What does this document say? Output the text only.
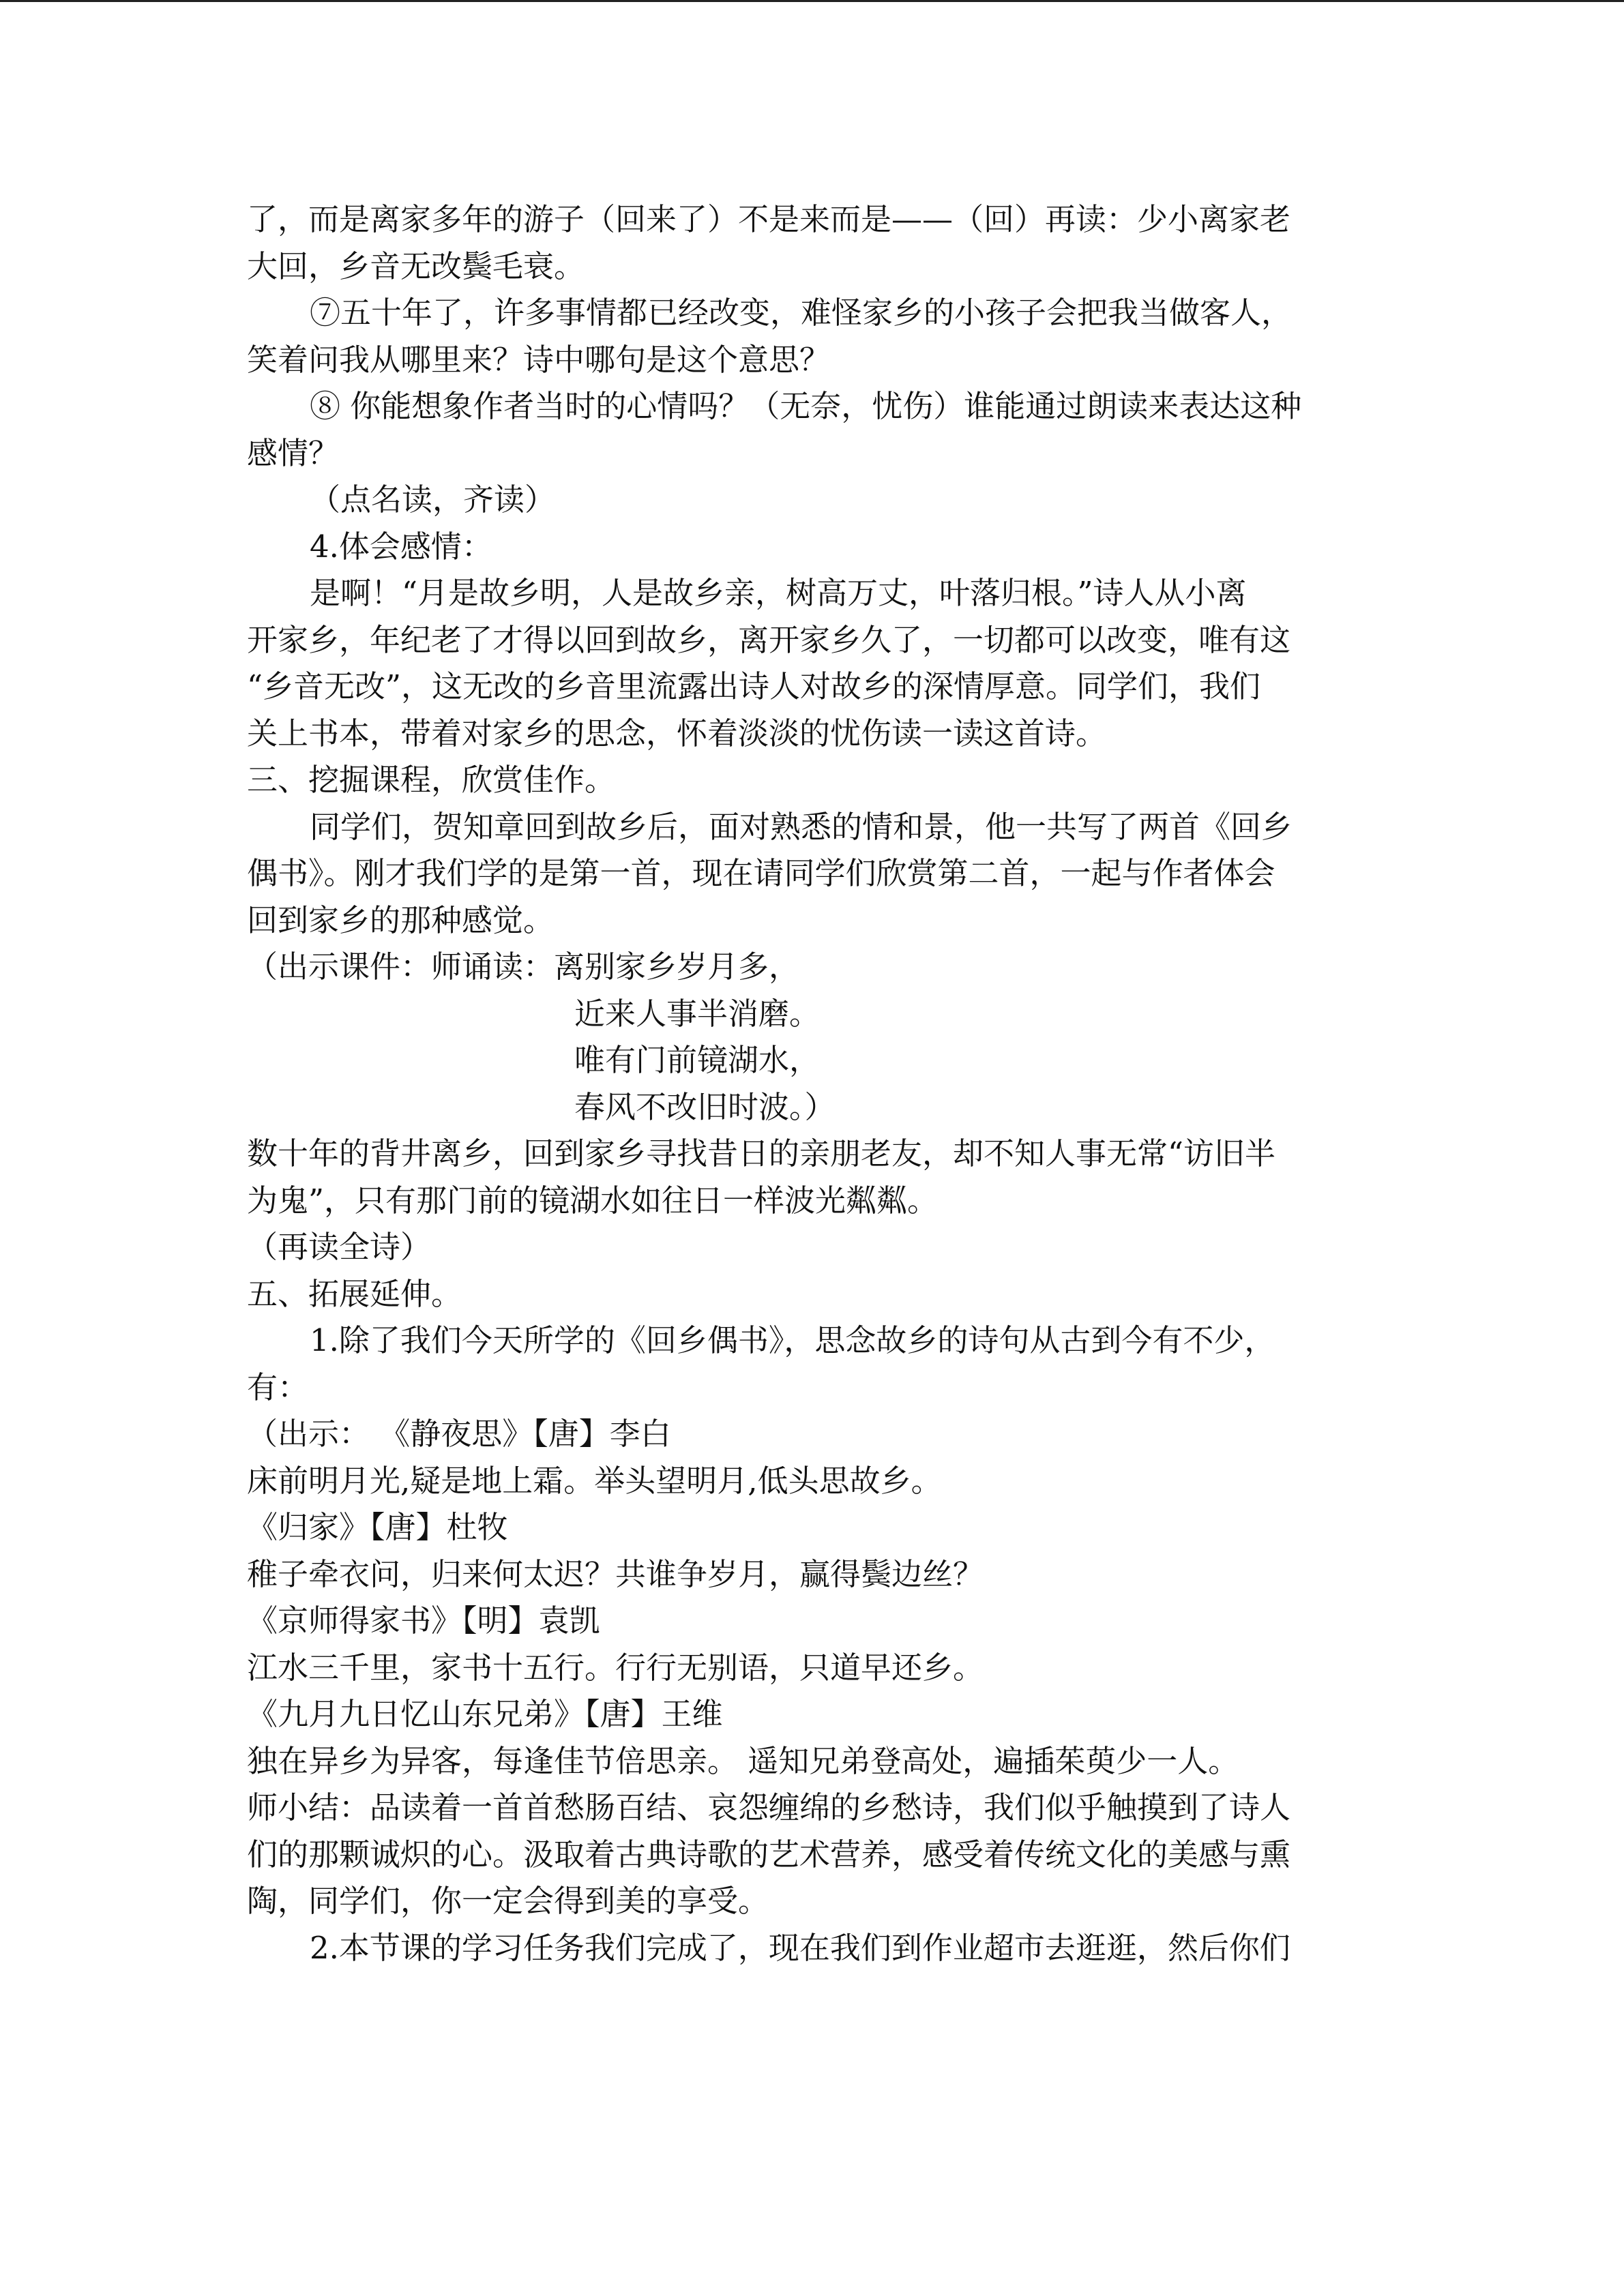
了，而是离家多年的游子（回来了）不是来而是——（回）再读：少小离家老
大回，乡音无改鬓毛衰。
⑦五十年了，许多事情都已经改变，难怪家乡的小孩子会把我当做客人，
笑着问我从哪里来？诗中哪句是这个意思？
⑧ 你能想象作者当时的心情吗？（无奈，忧伤）谁能通过朗读来表达这种
感情？
（点名读，齐读）
4.体会感情：
是啊！“月是故乡明，人是故乡亲，树高万丈，叶落归根。”诗人从小离
开家乡，年纪老了才得以回到故乡，离开家乡久了，一切都可以改变，唯有这
“乡音无改”，这无改的乡音里流露出诗人对故乡的深情厚意。同学们，我们
关上书本，带着对家乡的思念，怀着淡淡的忧伤读一读这首诗。
三、挖掘课程，欣赏佳作。
同学们，贺知章回到故乡后，面对熟悉的情和景，他一共写了两首《回乡
偶书》。刚才我们学的是第一首，现在请同学们欣赏第二首，一起与作者体会
回到家乡的那种感觉。
（出示课件：师诵读：离别家乡岁月多，
近来人事半消磨。
唯有门前镜湖水，
春风不改旧时波。）
数十年的背井离乡，回到家乡寻找昔日的亲朋老友，却不知人事无常“访旧半
为鬼”，只有那门前的镜湖水如往日一样波光粼粼。
（再读全诗）
五、拓展延伸。
1.除了我们今天所学的《回乡偶书》，思念故乡的诗句从古到今有不少，
有：
（出示： 《静夜思》【唐】李白
床前明月光,疑是地上霜。举头望明月,低头思故乡。
《归家》【唐】杜牧
稚子牵衣问，归来何太迟？共谁争岁月，赢得鬓边丝？
《京师得家书》【明】袁凯
江水三千里，家书十五行。行行无别语，只道早还乡。
《九月九日忆山东兄弟》【唐】王维
独在异乡为异客，每逢佳节倍思亲。 遥知兄弟登高处，遍插茱萸少一人。
师小结：品读着一首首愁肠百结、哀怨缠绵的乡愁诗，我们似乎触摸到了诗人
们的那颗诚炽的心。汲取着古典诗歌的艺术营养，感受着传统文化的美感与熏
陶，同学们，你一定会得到美的享受。
2.本节课的学习任务我们完成了，现在我们到作业超市去逛逛，然后你们
